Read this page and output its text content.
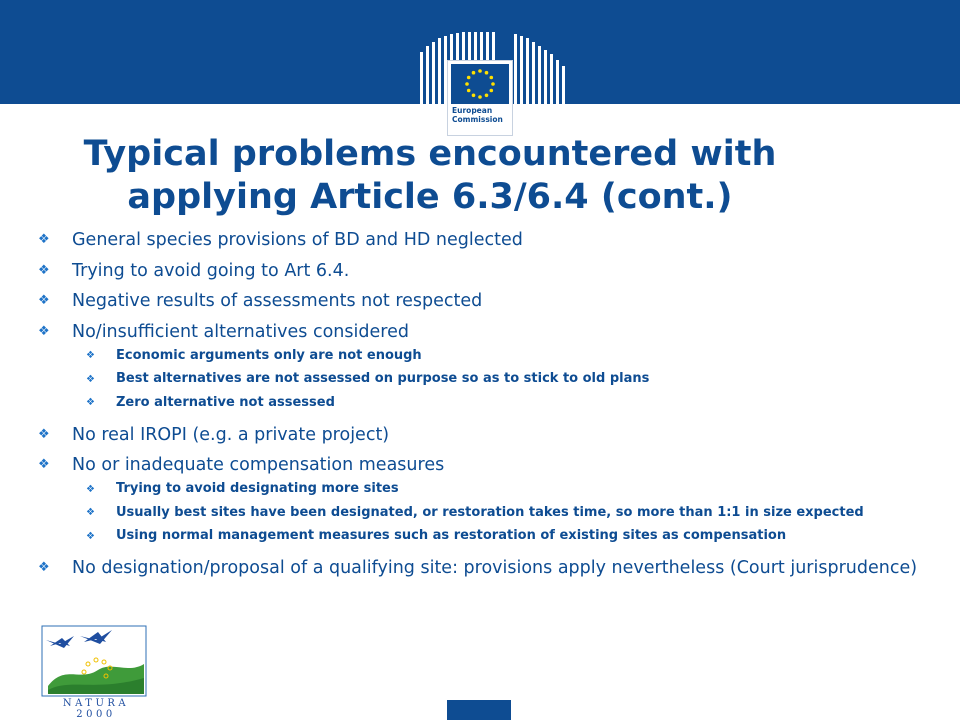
European
Commission
Typical problems encountered with
applying Article 6.3/6.4 (cont.)
❖ General species provisions of BD and HD neglected
❖ Trying to avoid going to Art 6.4.
❖ Negative results of assessments not respected
❖ No/insufficient alternatives considered
❖ Economic arguments only are not enough
❖ Best alternatives are not assessed on purpose so as to stick to old plans
❖ Zero alternative not assessed
❖ No real IROPI (e.g. a private project)
❖ No or inadequate compensation measures
❖ Trying to avoid designating more sites
❖ Usually best sites have been designated, or restoration takes time, so more than 1:1 in size expected
❖ Using normal management measures such as restoration of existing sites as compensation
❖ No designation/proposal of a qualifying site: provisions apply nevertheless (Court jurisprudence)
NATURA 2000
